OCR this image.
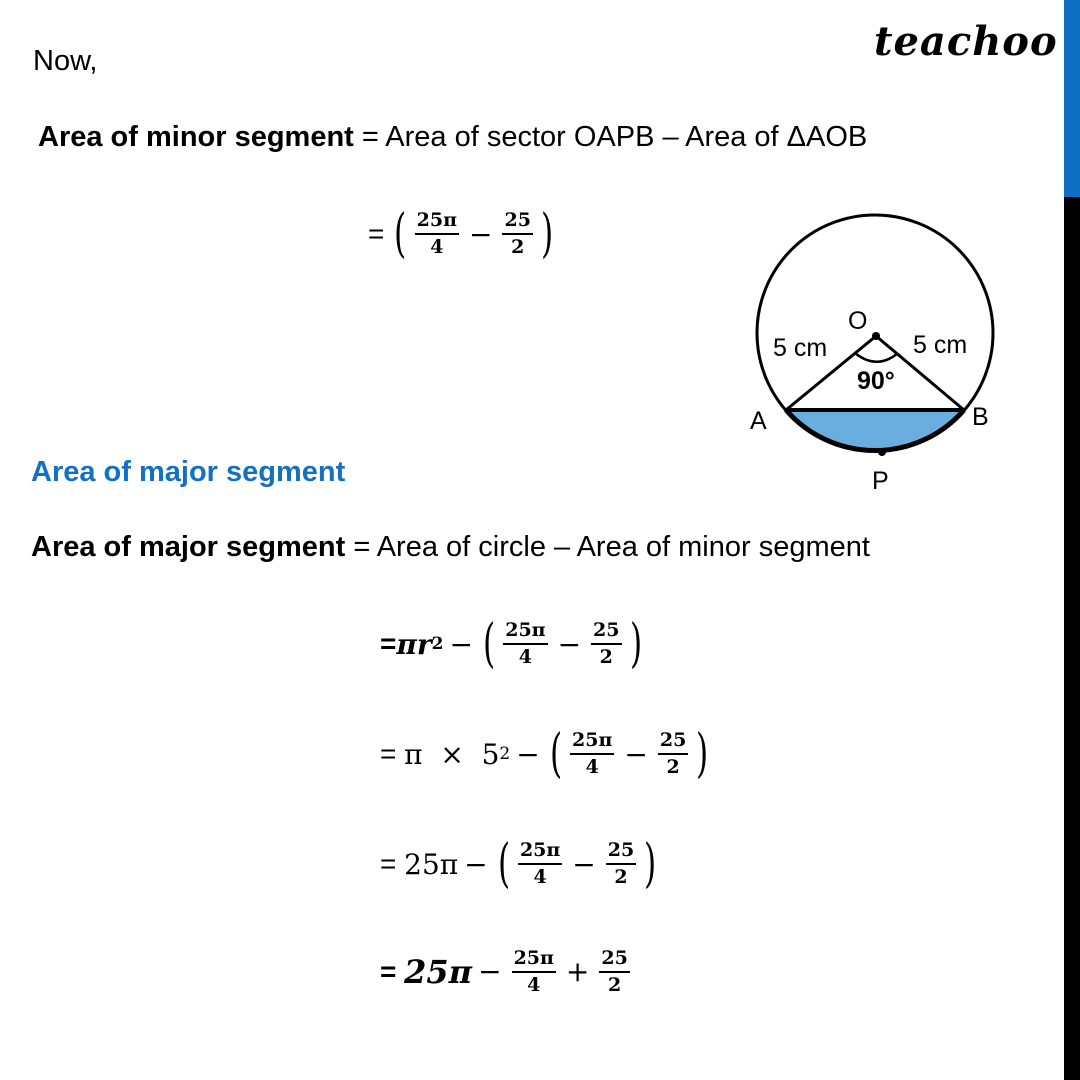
teachoo
Now,
Area of minor segment = Area of sector OAPB – Area of ΔAOB
= ( $\frac{25\pi}{4} - \frac{25}{2}$ )
O
5 cm	5 cm
90°
A	B
P
Area of major segment
Area of major segment = Area of circle – Area of minor segment
= πr 2 − ( $\frac{25\pi}{4} - \frac{25}{2}$ )
= π  ×  5 2 − ( $\frac{25\pi}{4} - \frac{25}{2}$ )
= 25π − ( $\frac{25\pi}{4} - \frac{25}{2}$ )
= $25\pi - \frac{25\pi}{4} + \frac{25}{2}$
